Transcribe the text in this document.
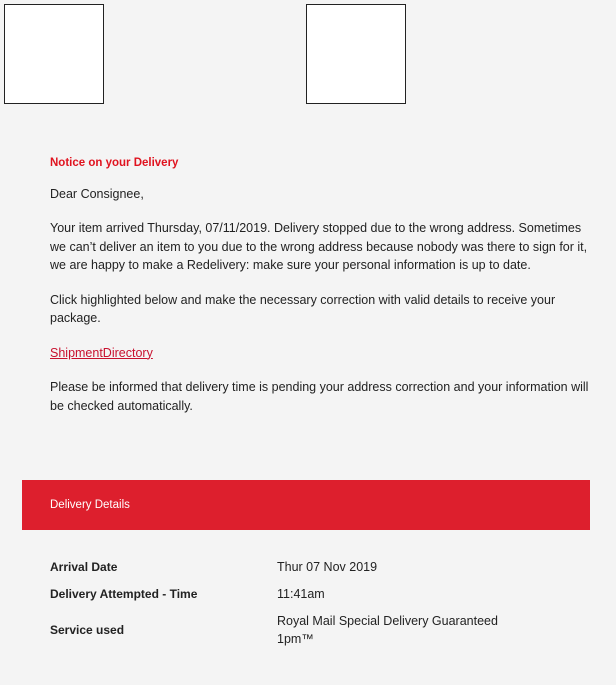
Notice on your Delivery

Dear Consignee,

Your item arrived Thursday, 07/11/2019. Delivery stopped due to the wrong address. Sometimes we can’t deliver an item to you due to the wrong address because nobody was there to sign for it, we are happy to make a Redelivery: make sure your personal information is up to date.

Click highlighted below and make the necessary correction with valid details to receive your package.

ShipmentDirectory

Please be informed that delivery time is pending your address correction and your information will be checked automatically.

Delivery Details
Arrival Date	Thur 07 Nov 2019
Delivery Attempted - Time	11:41am
Service used
Royal Mail Special Delivery Guaranteed 1pm™
